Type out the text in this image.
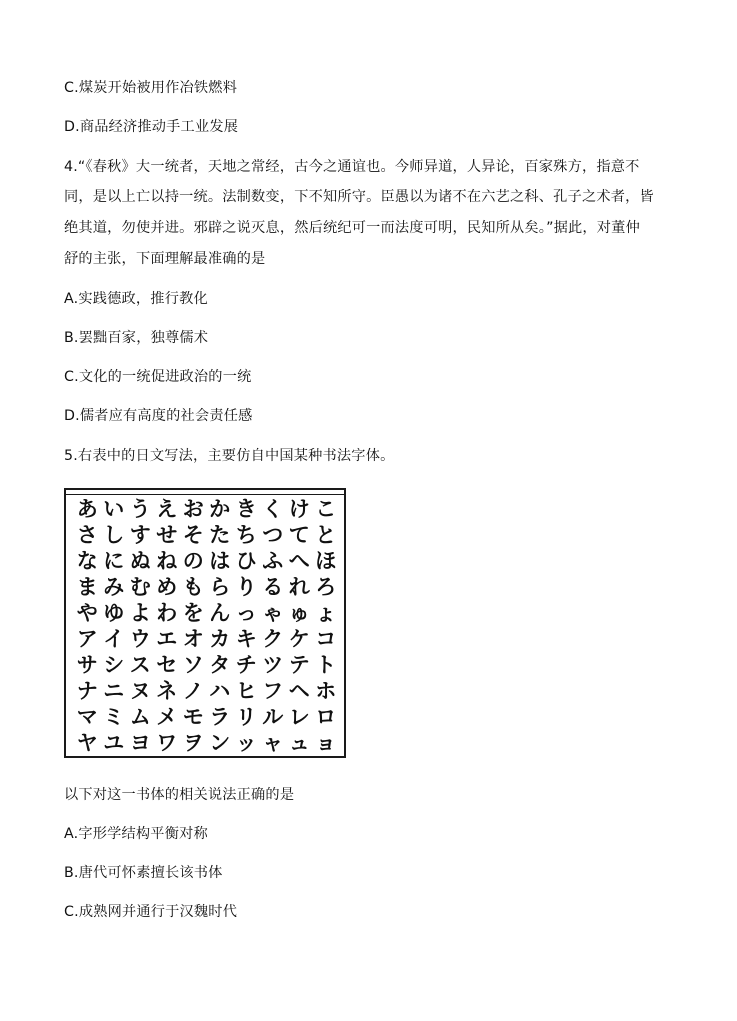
C.煤炭开始被用作冶铁燃料

D.商品经济推动手工业发展

4.“《春秋》大一统者，天地之常经，古今之通谊也。今师异道，人异论，百家殊方，指意不

同，是以上亡以持一统。法制数变，下不知所守。臣愚以为诸不在六艺之科、孔子之术者，皆

绝其道，勿使并进。邪辟之说灭息，然后统纪可一而法度可明，民知所从矣。”据此，对董仲

舒的主张，下面理解最准确的是

A.实践德政，推行教化

B.罢黜百家，独尊儒术

C.文化的一统促进政治的一统

D.儒者应有高度的社会责任感

5.右表中的日文写法，主要仿自中国某种书法字体。

あ い う え お か き く け こ
さ し す せ そ た ち つ て と
な に ぬ ね の は ひ ふ へ ほ
ま み む め も ら り る れ ろ
や ゆ よ わ を ん っ ゃ ゅ ょ
ア イ ウ エ オ カ キ ク ケ コ
サ シ ス セ ソ タ チ ツ テ ト
ナ ニ ヌ ネ ノ ハ ヒ フ ヘ ホ
マ ミ ム メ モ ラ リ ル レ ロ
ヤ ユ ヨ ワ ヲ ン ッ ャ ュ ョ

以下对这一书体的相关说法正确的是

A.字形学结构平衡对称

B.唐代可怀素擅长该书体

C.成熟网并通行于汉魏时代
